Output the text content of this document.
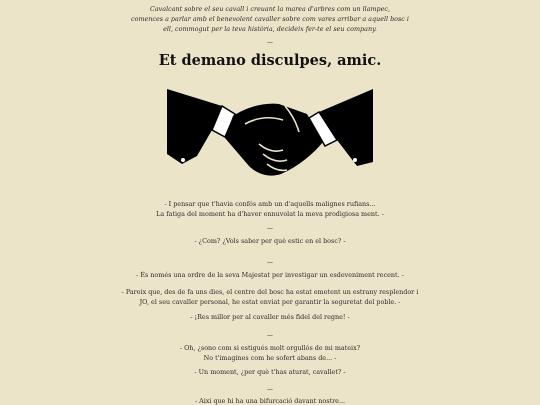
Cavalcant sobre el seu cavall i creuant la marea d'arbres com un llampec,
comences a parlar amb el benevolent cavaller sobre com vares arribar a aquell bosc i
ell, commogut per la teva història, decideix fer-te el seu company.
—
Et demano disculpes, amic.
- I pensar que t'havia confós amb un d'aquells malignes rufians...
La fatiga del moment ha d'haver ennuvolat la meva prodigiosa ment. -
—
- ¿Com? ¿Vols saber per què estic en el bosc? -
—
- És només una ordre de la seva Majestat per investigar un esdeveniment recent. -
- Pareix que, des de fa uns dies, el centre del bosc ha estat emetent un estrany resplendor i
JO, el seu cavaller personal, he estat enviat per garantir la seguretat del poble. -
- ¡Res millor per al cavaller més fidel del regne! -
—
- Oh, ¿sono com si estigués molt orgullós de mi mateix?
No t'imagines com he sofert abans de... -
- Un moment, ¿per què t'has aturat, cavallet? -
—
- Aixi que hi ha una bifurcació davant nostre...
